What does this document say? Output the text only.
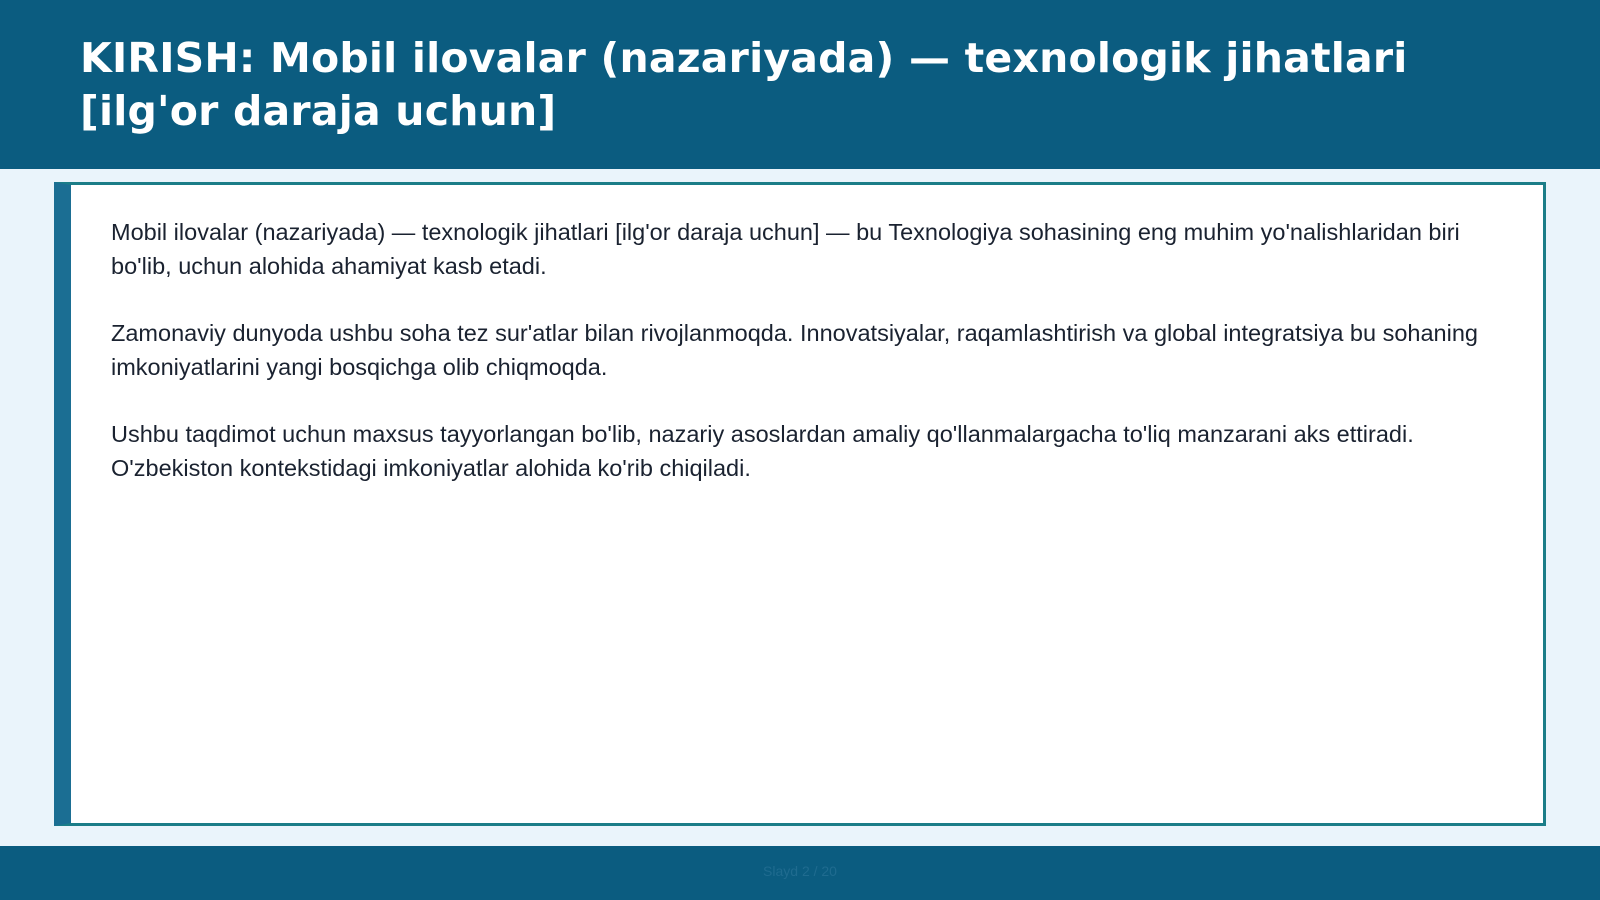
KIRISH: Mobil ilovalar (nazariyada) — texnologik jihatlari [ilg'or daraja uchun]

Mobil ilovalar (nazariyada) — texnologik jihatlari [ilg'or daraja uchun] — bu Texnologiya sohasining eng muhim yo'nalishlaridan biri bo'lib, uchun alohida ahamiyat kasb etadi.

Zamonaviy dunyoda ushbu soha tez sur'atlar bilan rivojlanmoqda. Innovatsiyalar, raqamlashtirish va global integratsiya bu sohaning imkoniyatlarini yangi bosqichga olib chiqmoqda.

Ushbu taqdimot uchun maxsus tayyorlangan bo'lib, nazariy asoslardan amaliy qo'llanmalargacha to'liq manzarani aks ettiradi. O'zbekiston kontekstidagi imkoniyatlar alohida ko'rib chiqiladi.

Slayd 2 / 20
